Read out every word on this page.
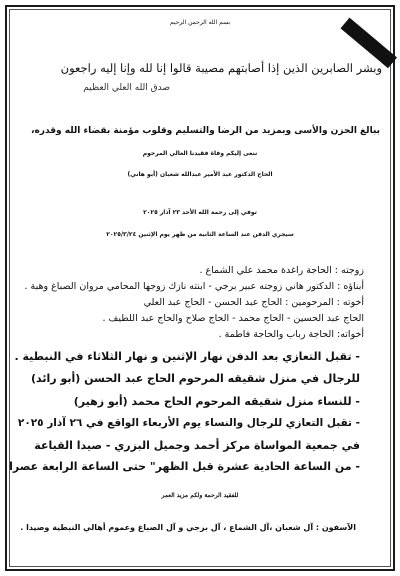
بسم الله الرحمن الرحيم
وبشر الصابرين الذين إذا أصابتهم مصيبة قالوا إنا لله وإنا إليه راجعون
صدق الله العلي العظيم
ببالغ الحزن والأسى وبمزيد من الرضا والتسليم وقلوب مؤمنة بقضاء الله وقدره،
ننعى إليكم وفاة فقيدنا الغالي المرحوم
الحاج الدكتور عبد الأمير عبدالله شعبان (أبو هاني)
توفي إلى رحمة الله الأحد ٢٣ آذار ٢٠٢٥
سيجري الدفن عند الساعة الثانية من ظهر يوم الإثنين ٢٠٢٥/٣/٢٤
زوجته : الحاجة راغدة محمد علي الشماع .
أبناؤه : الدكتور هاني زوجته عبير برجي - ابنته نازك زوجها المحامي مروان الصباغ وهبة .
أخوته : المرحومين : الحاج عبد الحسن - الحاج عبد العلي
الحاج عبد الحسين - الحاج محمد - الحاج صلاح والحاج عبد اللطيف .
أخواته: الحاجة رباب والحاجة فاطمة .
- تقبل التعازي بعد الدفن نهار الإثنين و نهار الثلاثاء في النبطية .
للرجال في منزل شقيقه المرحوم الحاج عبد الحسن (أبو رائد)
- للنساء منزل شقيقه المرحوم الحاج محمد (أبو زهير)
- تقبل التعازي للرجال والنساء يوم الأربعاء الواقع في ٢٦ آذار ٢٠٢٥
في جمعية المواساة مركز أحمد وجميل البزري - صيدا القياعة
- من الساعة الحادية عشرة قبل الظهر" حتى الساعة الرابعة عصرا
للفقيد الرحمة ولكم مزيد العمر
الآسفون : آل شعبان ،آل الشماع ، آل برجي و آل الصباغ وعموم أهالي النبطية وصيدا .
